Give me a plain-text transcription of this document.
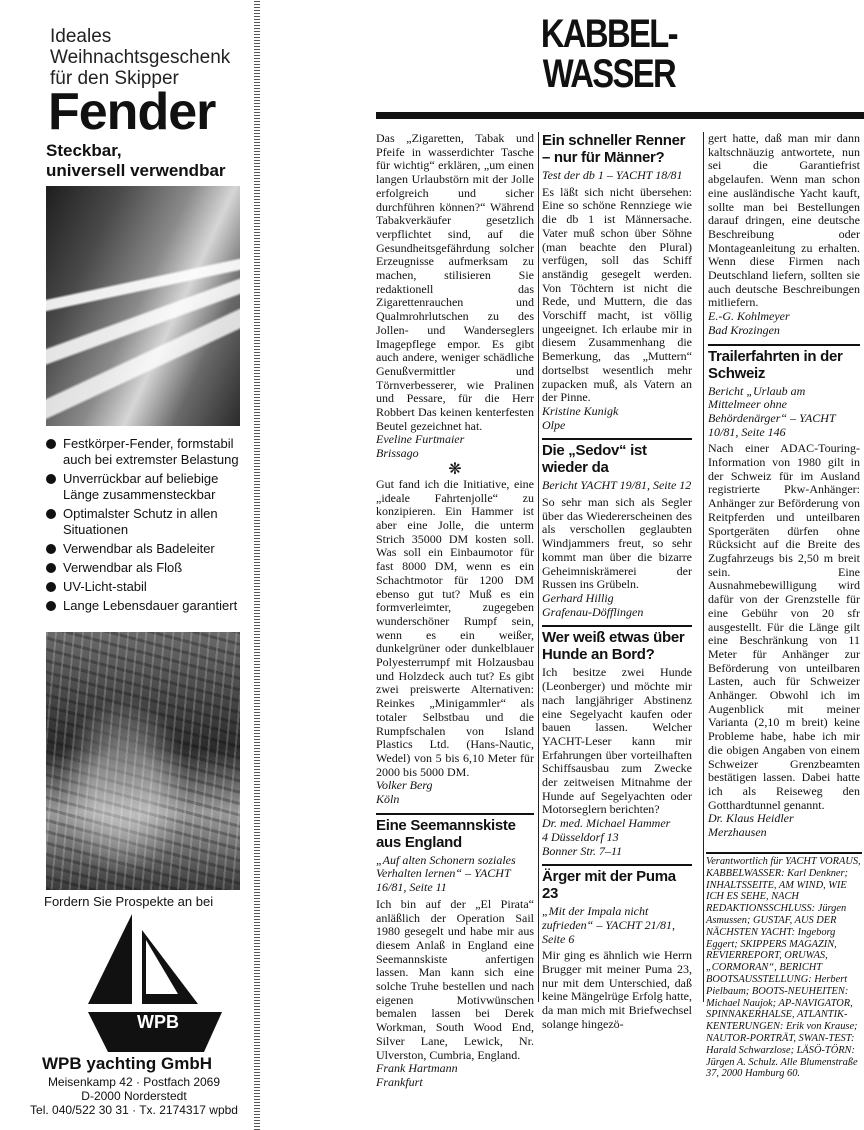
Ideales
Weihnachtsgeschenk
für den Skipper
Fender
Steckbar,
universell verwendbar
Festkörper-Fender, formstabil auch bei extremster Belastung
Unverrückbar auf beliebige Länge zusammensteckbar
Optimalster Schutz in allen Situationen
Verwendbar als Badeleiter
Verwendbar als Floß
UV-Licht-stabil
Lange Lebensdauer garantiert
Fordern Sie Prospekte an bei
WPB
WPB yachting GmbH
Meisenkamp 42 · Postfach 2069
D-2000 Norderstedt
Tel. 040/522 30 31 · Tx. 2174317 wpbd
KABBEL-
WASSER

Das „Zigaretten, Tabak und Pfeife in wasserdichter Tasche für wichtig“ erklären, „um einen langen Urlaubstörn mit der Jolle erfolgreich und sicher durchführen können?“ Während Tabakverkäufer gesetzlich verpflichtet sind, auf die Gesundheitsgefährdung solcher Erzeugnisse aufmerksam zu machen, stilisieren Sie redaktionell das Zigarettenrauchen und Qualmrohrlutschen zu des Jollen- und Wanderseglers Imagepflege empor. Es gibt auch andere, weniger schädliche Genußvermittler und Törnverbesserer, wie Pralinen und Pessare, für die Herr Robbert Das keinen kenterfesten Beutel gezeichnet hat.

Eveline Furtmaier
Brissago
❋

Gut fand ich die Initiative, eine „ideale Fahrtenjolle“ zu konzipieren. Ein Hammer ist aber eine Jolle, die unterm Strich 35000 DM kosten soll. Was soll ein Einbaumotor für fast 8000 DM, wenn es ein Schachtmotor für 1200 DM ebenso gut tut? Muß es ein formverleimter, zugegeben wunderschöner Rumpf sein, wenn es ein weißer, dunkelgrüner oder dunkelblauer Polyesterrumpf mit Holzausbau und Holzdeck auch tut? Es gibt zwei preiswerte Alternativen: Reinkes „Minigammler“ als totaler Selbstbau und die Rumpfschalen von Island Plastics Ltd. (Hans-Nautic, Wedel) von 5 bis 6,10 Meter für 2000 bis 5000 DM.

Volker Berg
Köln
Eine Seemannskiste aus England
„Auf alten Schonern soziales Verhalten lernen“ – YACHT 16/81, Seite 11

Ich bin auf der „El Pirata“ anläßlich der Operation Sail 1980 gesegelt und habe mir aus diesem Anlaß in England eine Seemannskiste anfertigen lassen. Man kann sich eine solche Truhe bestellen und nach eigenen Motivwünschen bemalen lassen bei Derek Workman, South Wood End, Silver Lane, Lewick, Nr. Ulverston, Cumbria, England.

Frank Hartmann
Frankfurt
Ein schneller Renner – nur für Männer?
Test der db 1 – YACHT 18/81

Es läßt sich nicht übersehen: Eine so schöne Rennziege wie die db 1 ist Männersache. Vater muß schon über Söhne (man beachte den Plural) verfügen, soll das Schiff anständig gesegelt werden. Von Töchtern ist nicht die Rede, und Muttern, die das Vorschiff macht, ist völlig ungeeignet. Ich erlaube mir in diesem Zusammenhang die Bemerkung, das „Muttern“ dortselbst wesentlich mehr zupacken muß, als Vatern an der Pinne.

Kristine Kunigk
Olpe
Die „Sedov“ ist wieder da
Bericht YACHT 19/81, Seite 12

So sehr man sich als Segler über das Wiedererscheinen des als verschollen geglaubten Windjammers freut, so sehr kommt man über die bizarre Geheimniskrämerei der Russen ins Grübeln.

Gerhard Hillig
Grafenau-Döfflingen
Wer weiß etwas über Hunde an Bord?

Ich besitze zwei Hunde (Leonberger) und möchte mir nach langjähriger Abstinenz eine Segelyacht kaufen oder bauen lassen. Welcher YACHT-Leser kann mir Erfahrungen über vorteilhaften Schiffsausbau zum Zwecke der zeitweisen Mitnahme der Hunde auf Segelyachten oder Motorseglern berichten?

Dr. med. Michael Hammer
4 Düsseldorf 13
Bonner Str. 7–11
Ärger mit der Puma 23
„Mit der Impala nicht zufrieden“ – YACHT 21/81, Seite 6

Mir ging es ähnlich wie Herrn Brugger mit meiner Puma 23, nur mit dem Unterschied, daß keine Mängelrüge Erfolg hatte, da man mich mit Briefwechsel solange hingezö-

gert hatte, daß man mir dann kaltschnäuzig antwortete, nun sei die Garantiefrist abgelaufen. Wenn man schon eine ausländische Yacht kauft, sollte man bei Bestellungen darauf dringen, eine deutsche Beschreibung oder Montageanleitung zu erhalten. Wenn diese Firmen nach Deutschland liefern, sollten sie auch deutsche Beschreibungen mitliefern.

E.-G. Kohlmeyer
Bad Krozingen
Trailerfahrten in der Schweiz
Bericht „Urlaub am Mittelmeer ohne Behördenärger“ – YACHT 10/81, Seite 146

Nach einer ADAC-Touring-Information von 1980 gilt in der Schweiz für im Ausland registrierte Pkw-Anhänger: Anhänger zur Beförderung von Reitpferden und unteilbaren Sportgeräten dürfen ohne Rücksicht auf die Breite des Zugfahrzeugs bis 2,50 m breit sein. Eine Ausnahmebewilligung wird dafür von der Grenzstelle für eine Gebühr von 20 sfr ausgestellt. Für die Länge gilt eine Beschränkung von 11 Meter für Anhänger zur Beförderung von unteilbaren Lasten, auch für Schweizer Anhänger. Obwohl ich im Augenblick mit meiner Varianta (2,10 m breit) keine Probleme habe, habe ich mir die obigen Angaben von einem Schweizer Grenzbeamten bestätigen lassen. Dabei hatte ich als Reiseweg den Gotthardtunnel genannt.

Dr. Klaus Heidler
Merzhausen
Verantwortlich für YACHT VORAUS, KABBELWASSER: Karl Denkner; INHALTSSEITE, AM WIND, WIE ICH ES SEHE, NACH REDAKTIONSSCHLUSS: Jürgen Asmussen; GUSTAF, AUS DER NÄCHSTEN YACHT: Ingeborg Eggert; SKIPPERS MAGAZIN, REVIERREPORT, ORUWAS, „CORMORAN“, BERICHT BOOTSAUSSTELLUNG: Herbert Pielbaum; BOOTS-NEUHEITEN: Michael Naujok; AP-NAVIGATOR, SPINNAKERHALSE, ATLANTIK-KENTERUNGEN: Erik von Krause; NAUTOR-PORTRÄT, SWAN-TEST: Harald Schwarzlose; LÄSÖ-TÖRN: Jürgen A. Schulz. Alle Blumenstraße 37, 2000 Hamburg 60.
